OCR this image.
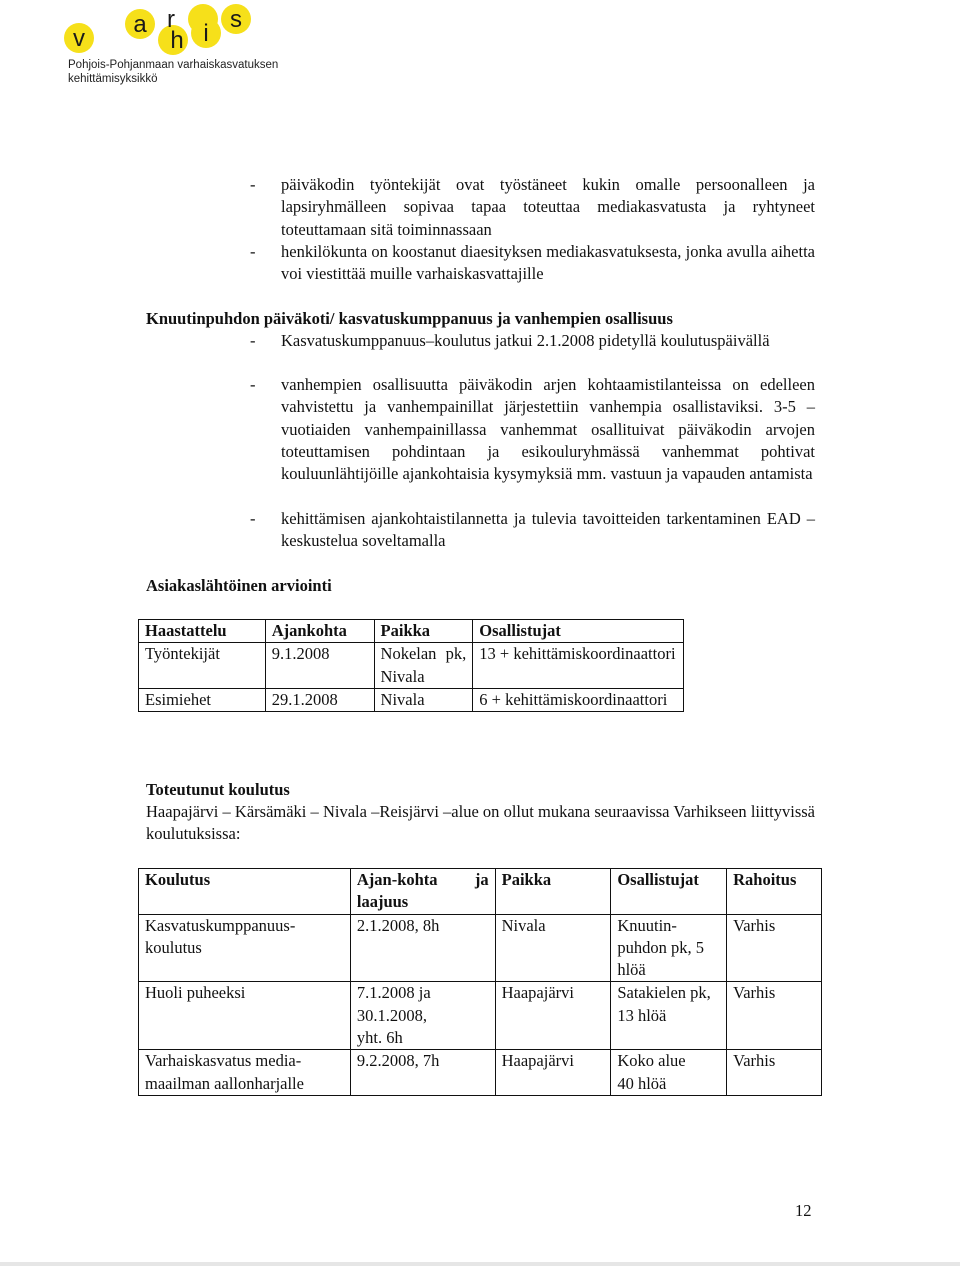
v
a r
h i
s
Pohjois-Pohjanmaan varhaiskasvatuksen
kehittämisyksikkö
- päiväkodin työntekijät ovat työstäneet kukin omalle persoonalleen ja lapsiryhmälleen sopivaa tapaa toteuttaa mediakasvatusta ja ryhtyneet toteuttamaan sitä toiminnassaan
- henkilökunta on koostanut diaesityksen mediakasvatuksesta, jonka avulla aihetta voi viestittää muille varhaiskasvattajille
Knuutinpuhdon päiväkoti/ kasvatuskumppanuus ja vanhempien osallisuus
- Kasvatuskumppanuus–koulutus jatkui 2.1.2008 pidetyllä koulutuspäivällä
- vanhempien osallisuutta päiväkodin arjen kohtaamistilanteissa on edelleen vahvistettu ja vanhempainillat järjestettiin vanhempia osallistaviksi. 3-5 –vuotiaiden vanhempainillassa vanhemmat osallituivat päiväkodin arvojen toteuttamisen pohdintaan ja esikouluryhmässä vanhemmat pohtivat kouluunlähtijöille ajankohtaisia kysymyksiä mm. vastuun ja vapauden antamista
- kehittämisen ajankohtaistilannetta ja tulevia tavoitteiden tarkentaminen EAD –keskustelua soveltamalla
Asiakaslähtöinen arviointi
Haastattelu	Ajankohta	Paikka	Osallistujat
Työntekijät	9.1.2008	Nokelan pk, Nivala	13 + kehittämiskoordinaattori
Esimiehet	29.1.2008	Nivala	6 + kehittämiskoordinaattori
Toteutunut koulutus
Haapajärvi – Kärsämäki – Nivala –Reisjärvi –alue on ollut mukana seuraavissa Varhikseen liittyvissä koulutuksissa:
Koulutus	Ajan-kohta ja laajuus	Paikka	Osallistujat	Rahoitus
Kasvatuskumppanuus-koulutus	2.1.2008, 8h	Nivala	Knuutin-puhdon pk, 5 hlöä	Varhis
Huoli puheeksi	7.1.2008 ja 30.1.2008, yht. 6h	Haapajärvi	Satakielen pk, 13 hlöä	Varhis
Varhaiskasvatus media-maailman aallonharjalle	9.2.2008, 7h	Haapajärvi	Koko alue 40 hlöä	Varhis
12
